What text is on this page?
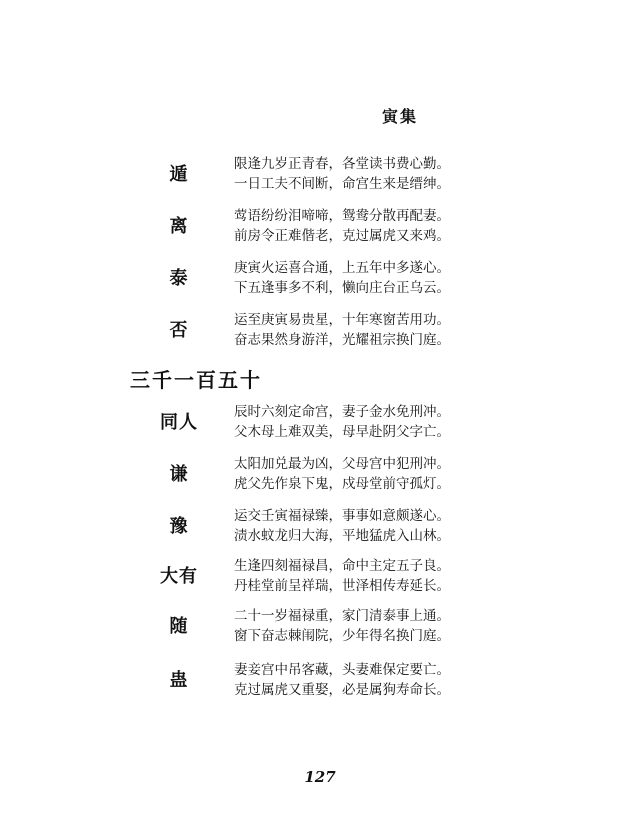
寅集
遁	限逢九岁正青春，各堂读书费心勤。
一日工夫不间断，命宫生来是缙绅。
离	莺语纷纷泪啼啼，鸳鸯分散再配妻。
前房令正难偕老，克过属虎又来鸡。
泰	庚寅火运喜合通，上五年中多遂心。
下五逢事多不利，懒向庄台正乌云。
否	运至庚寅易贵星，十年寒窗苦用功。
奋志果然身游洋，光耀祖宗换门庭。
三千一百五十
同人	辰时六刻定命宫，妻子金水免刑冲。
父木母上难双美，母早赴阴父字亡。
谦	太阳加兑最为凶，父母宫中犯刑冲。
虎父先作泉下鬼，戍母堂前守孤灯。
豫	运交壬寅福禄臻，事事如意颇遂心。
渍水蚊龙归大海，平地猛虎入山林。
大有	生逢四刻福禄昌，命中主定五子良。
丹桂堂前呈祥瑞，世泽相传寿延长。
随	二十一岁福禄重，家门清泰事上通。
窗下奋志棘闱院，少年得名换门庭。
蛊	妻妾宫中吊客藏，头妻难保定要亡。
克过属虎又重娶，必是属狗寿命长。
127
